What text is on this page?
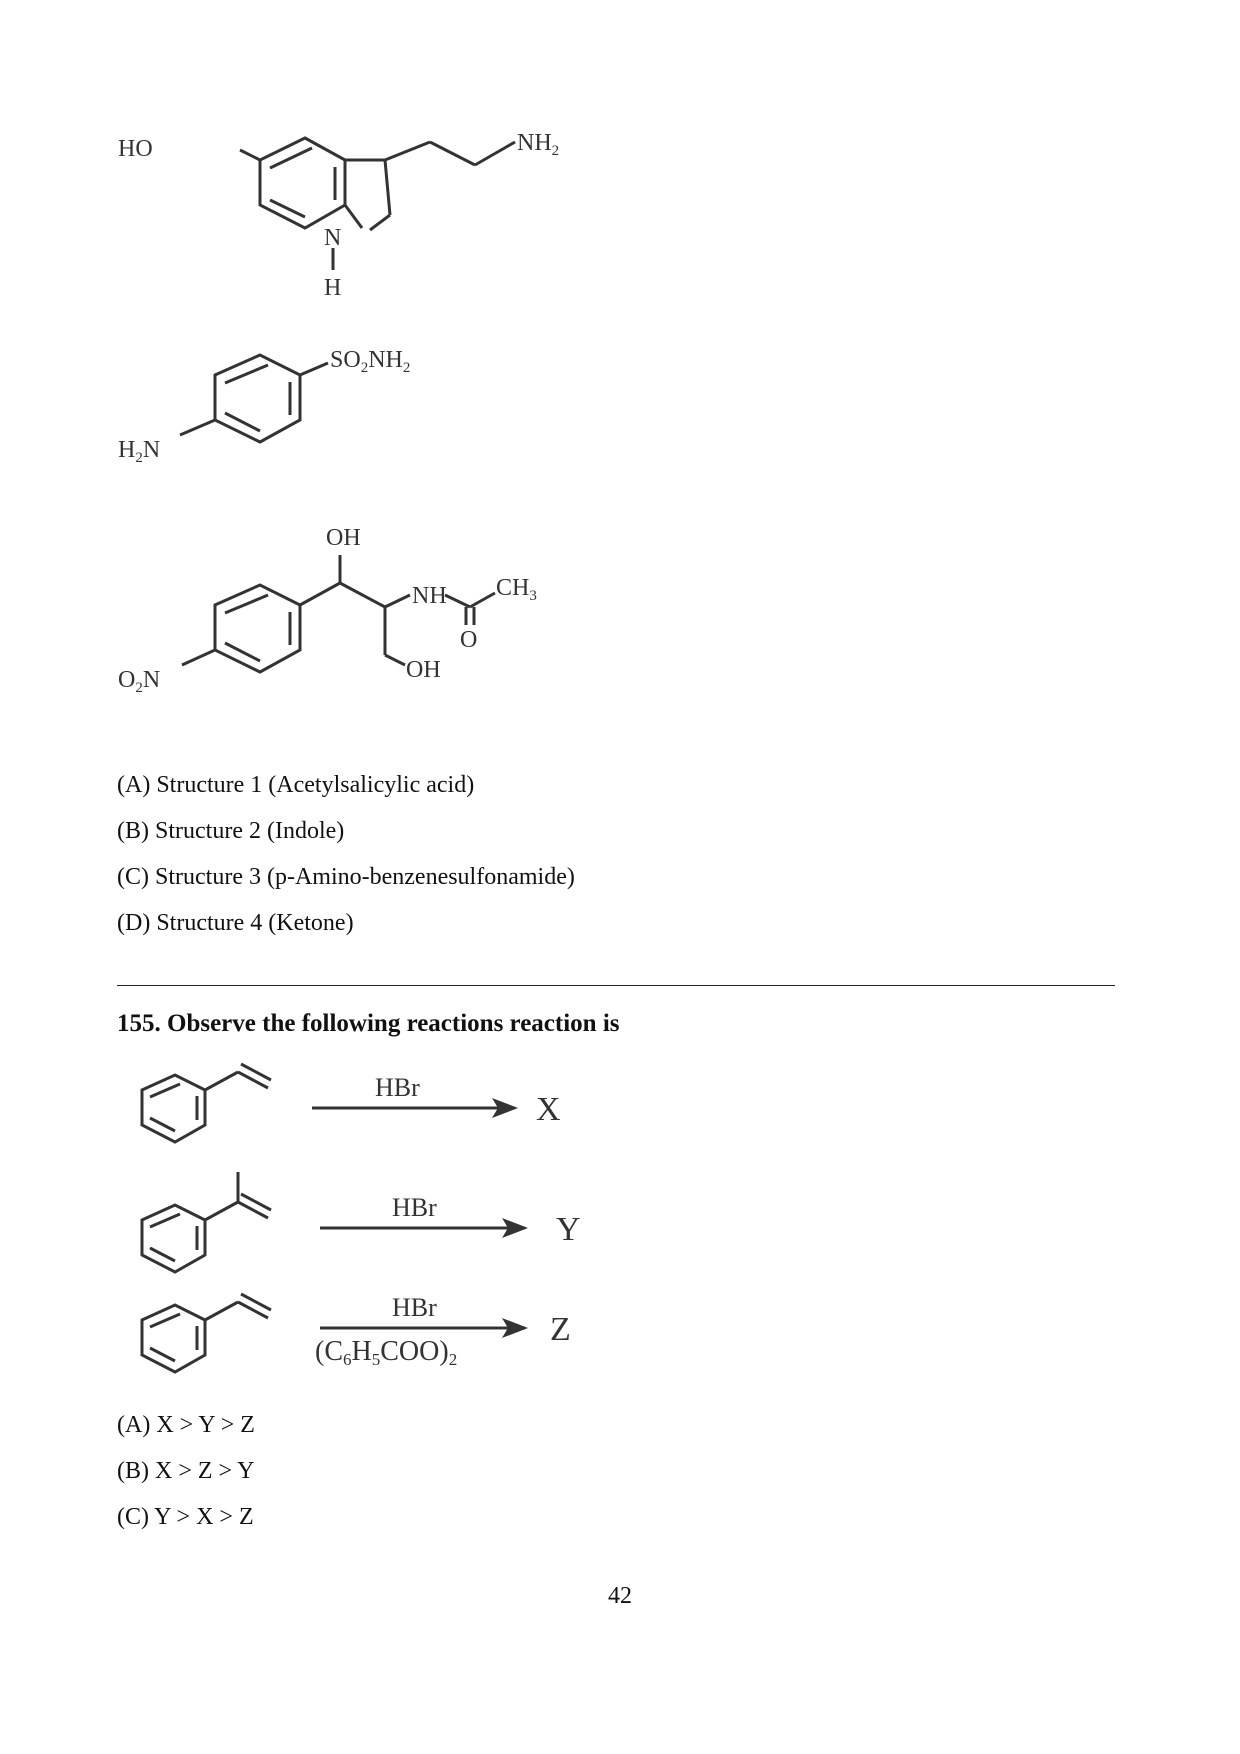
HO	$NH_2$
N
H
$SO_2NH_2$
$H_2N$
OH
NH $CH_3$
O
OH
$O_2N$
(A) Structure 1 (Acetylsalicylic acid)
(B) Structure 2 (Indole)
(C) Structure 3 (p-Amino-benzenesulfonamide)
(D) Structure 4 (Ketone)
155. Observe the following reactions reaction is
HBr
X
HBr
Y
HBr
(C6H5COO)2
Z
(A) X > Y > Z
(B) X > Z > Y
(C) Y > X > Z
42
